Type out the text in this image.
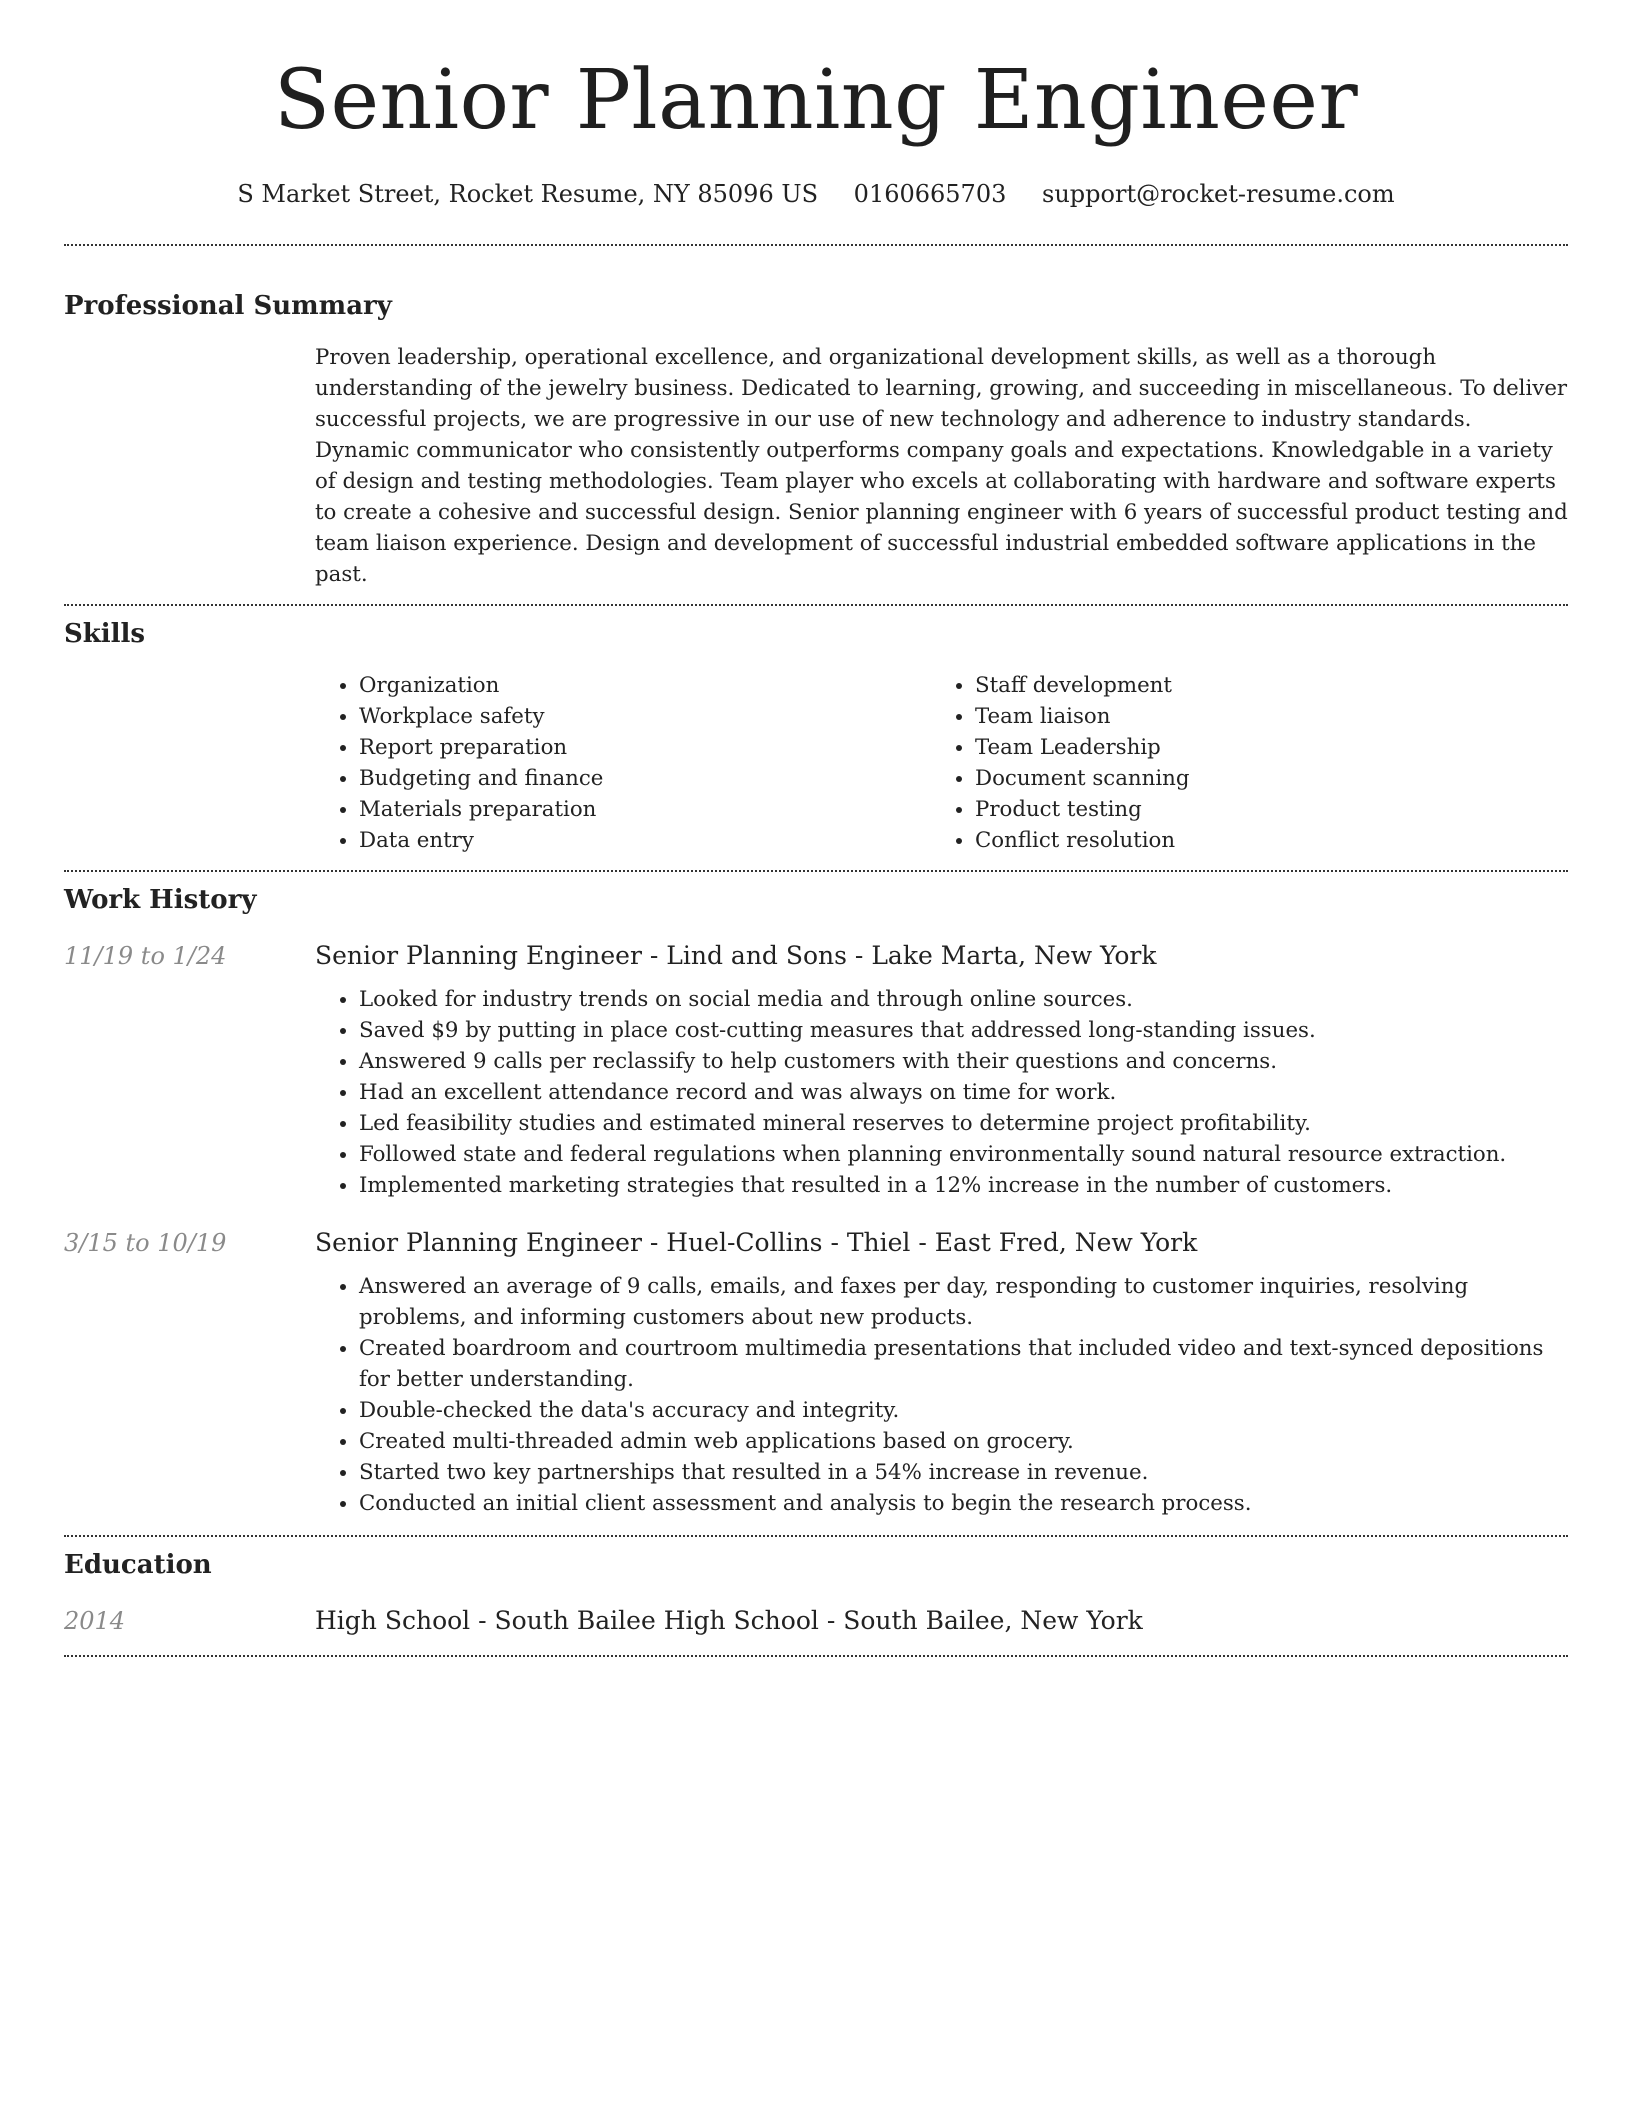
Senior Planning Engineer
S Market Street, Rocket Resume, NY 85096 US 0160665703 support@rocket-resume.com
Professional Summary
Proven leadership, operational excellence, and organizational development skills, as well as a thorough understanding of the jewelry business. Dedicated to learning, growing, and succeeding in miscellaneous. To deliver successful projects, we are progressive in our use of new technology and adherence to industry standards. Dynamic communicator who consistently outperforms company goals and expectations. Knowledgable in a variety of design and testing methodologies. Team player who excels at collaborating with hardware and software experts to create a cohesive and successful design. Senior planning engineer with 6 years of successful product testing and team liaison experience. Design and development of successful industrial embedded software applications in the past.
Skills
• Organization
• Workplace safety
• Report preparation
• Budgeting and finance
• Materials preparation
• Data entry
• Staff development
• Team liaison
• Team Leadership
• Document scanning
• Product testing
• Conflict resolution
Work History
11/19 to 1/24	Senior Planning Engineer - Lind and Sons - Lake Marta, New York
• Looked for industry trends on social media and through online sources.
• Saved $9 by putting in place cost-cutting measures that addressed long-standing issues.
• Answered 9 calls per reclassify to help customers with their questions and concerns.
• Had an excellent attendance record and was always on time for work.
• Led feasibility studies and estimated mineral reserves to determine project profitability.
• Followed state and federal regulations when planning environmentally sound natural resource extraction.
• Implemented marketing strategies that resulted in a 12% increase in the number of customers.
3/15 to 10/19	Senior Planning Engineer - Huel-Collins - Thiel - East Fred, New York
• Answered an average of 9 calls, emails, and faxes per day, responding to customer inquiries, resolving problems, and informing customers about new products.
• Created boardroom and courtroom multimedia presentations that included video and text-synced depositions for better understanding.
• Double-checked the data's accuracy and integrity.
• Created multi-threaded admin web applications based on grocery.
• Started two key partnerships that resulted in a 54% increase in revenue.
• Conducted an initial client assessment and analysis to begin the research process.
Education
2014	High School - South Bailee High School - South Bailee, New York
